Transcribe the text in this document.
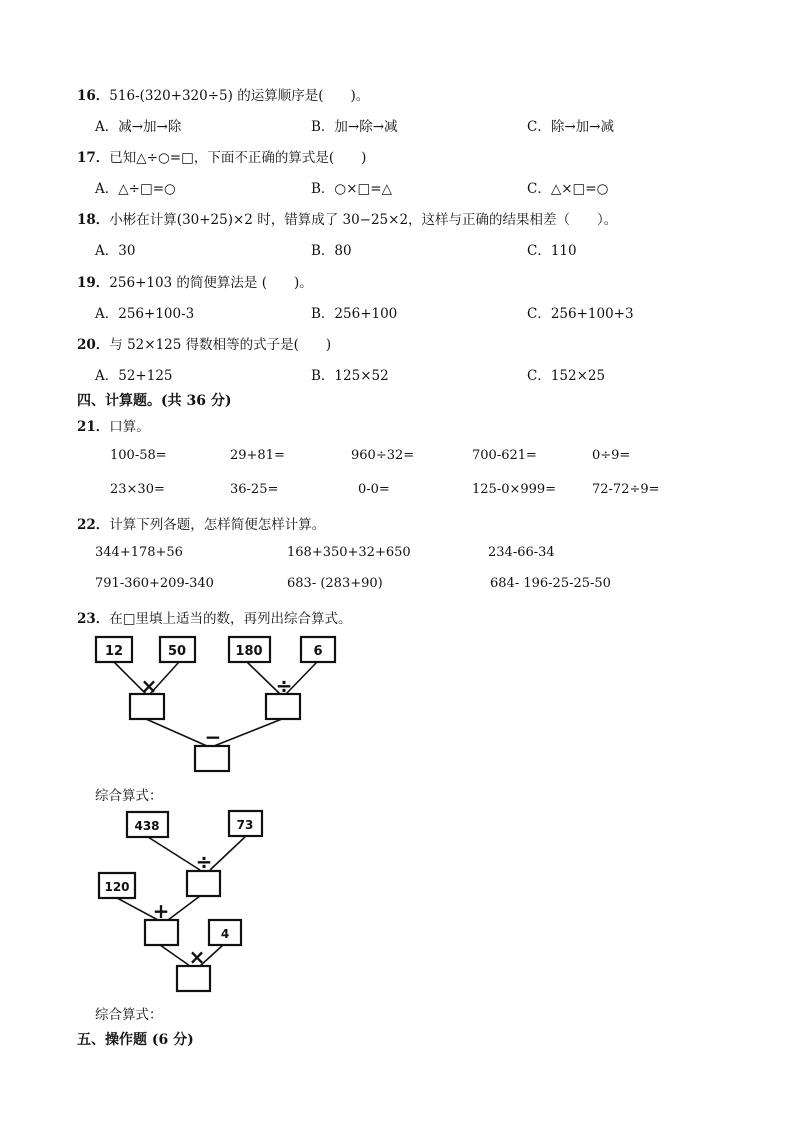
16．516-(320+320÷5) 的运算顺序是(　　)。
A．减→加→除	B．加→除→减	C．除→加→减
17．已知△÷○=□，下面不正确的算式是(　　)
A．△÷□=○	B．○×□=△	C．△×□=○
18．小彬在计算(30+25)×2 时，错算成了 30−25×2，这样与正确的结果相差（　　）。
A．30	B．80	C．110
19．256+103 的简便算法是 (　　)。
A．256+100-3	B．256+100	C．256+100+3
20．与 52×125 得数相等的式子是(　　)
A．52+125	B．125×52	C．152×25
四、计算题。(共 36 分)
21．口算。
100-58=	29+81=	960÷32=	700-621=	0÷9=
23×30=	36-25=	0-0=	125-0×999=	72-72÷9=
22．计算下列各题，怎样简便怎样计算。
344+178+56	168+350+32+650	234-66-34
791-360+209-340	683- (283+90)	684- 196-25-25-50
23．在□里填上适当的数，再列出综合算式。
12	50	180	6
×	÷
−
438	73
120
4
÷
+
×
综合算式：
综合算式：
五、操作题 (6 分)
